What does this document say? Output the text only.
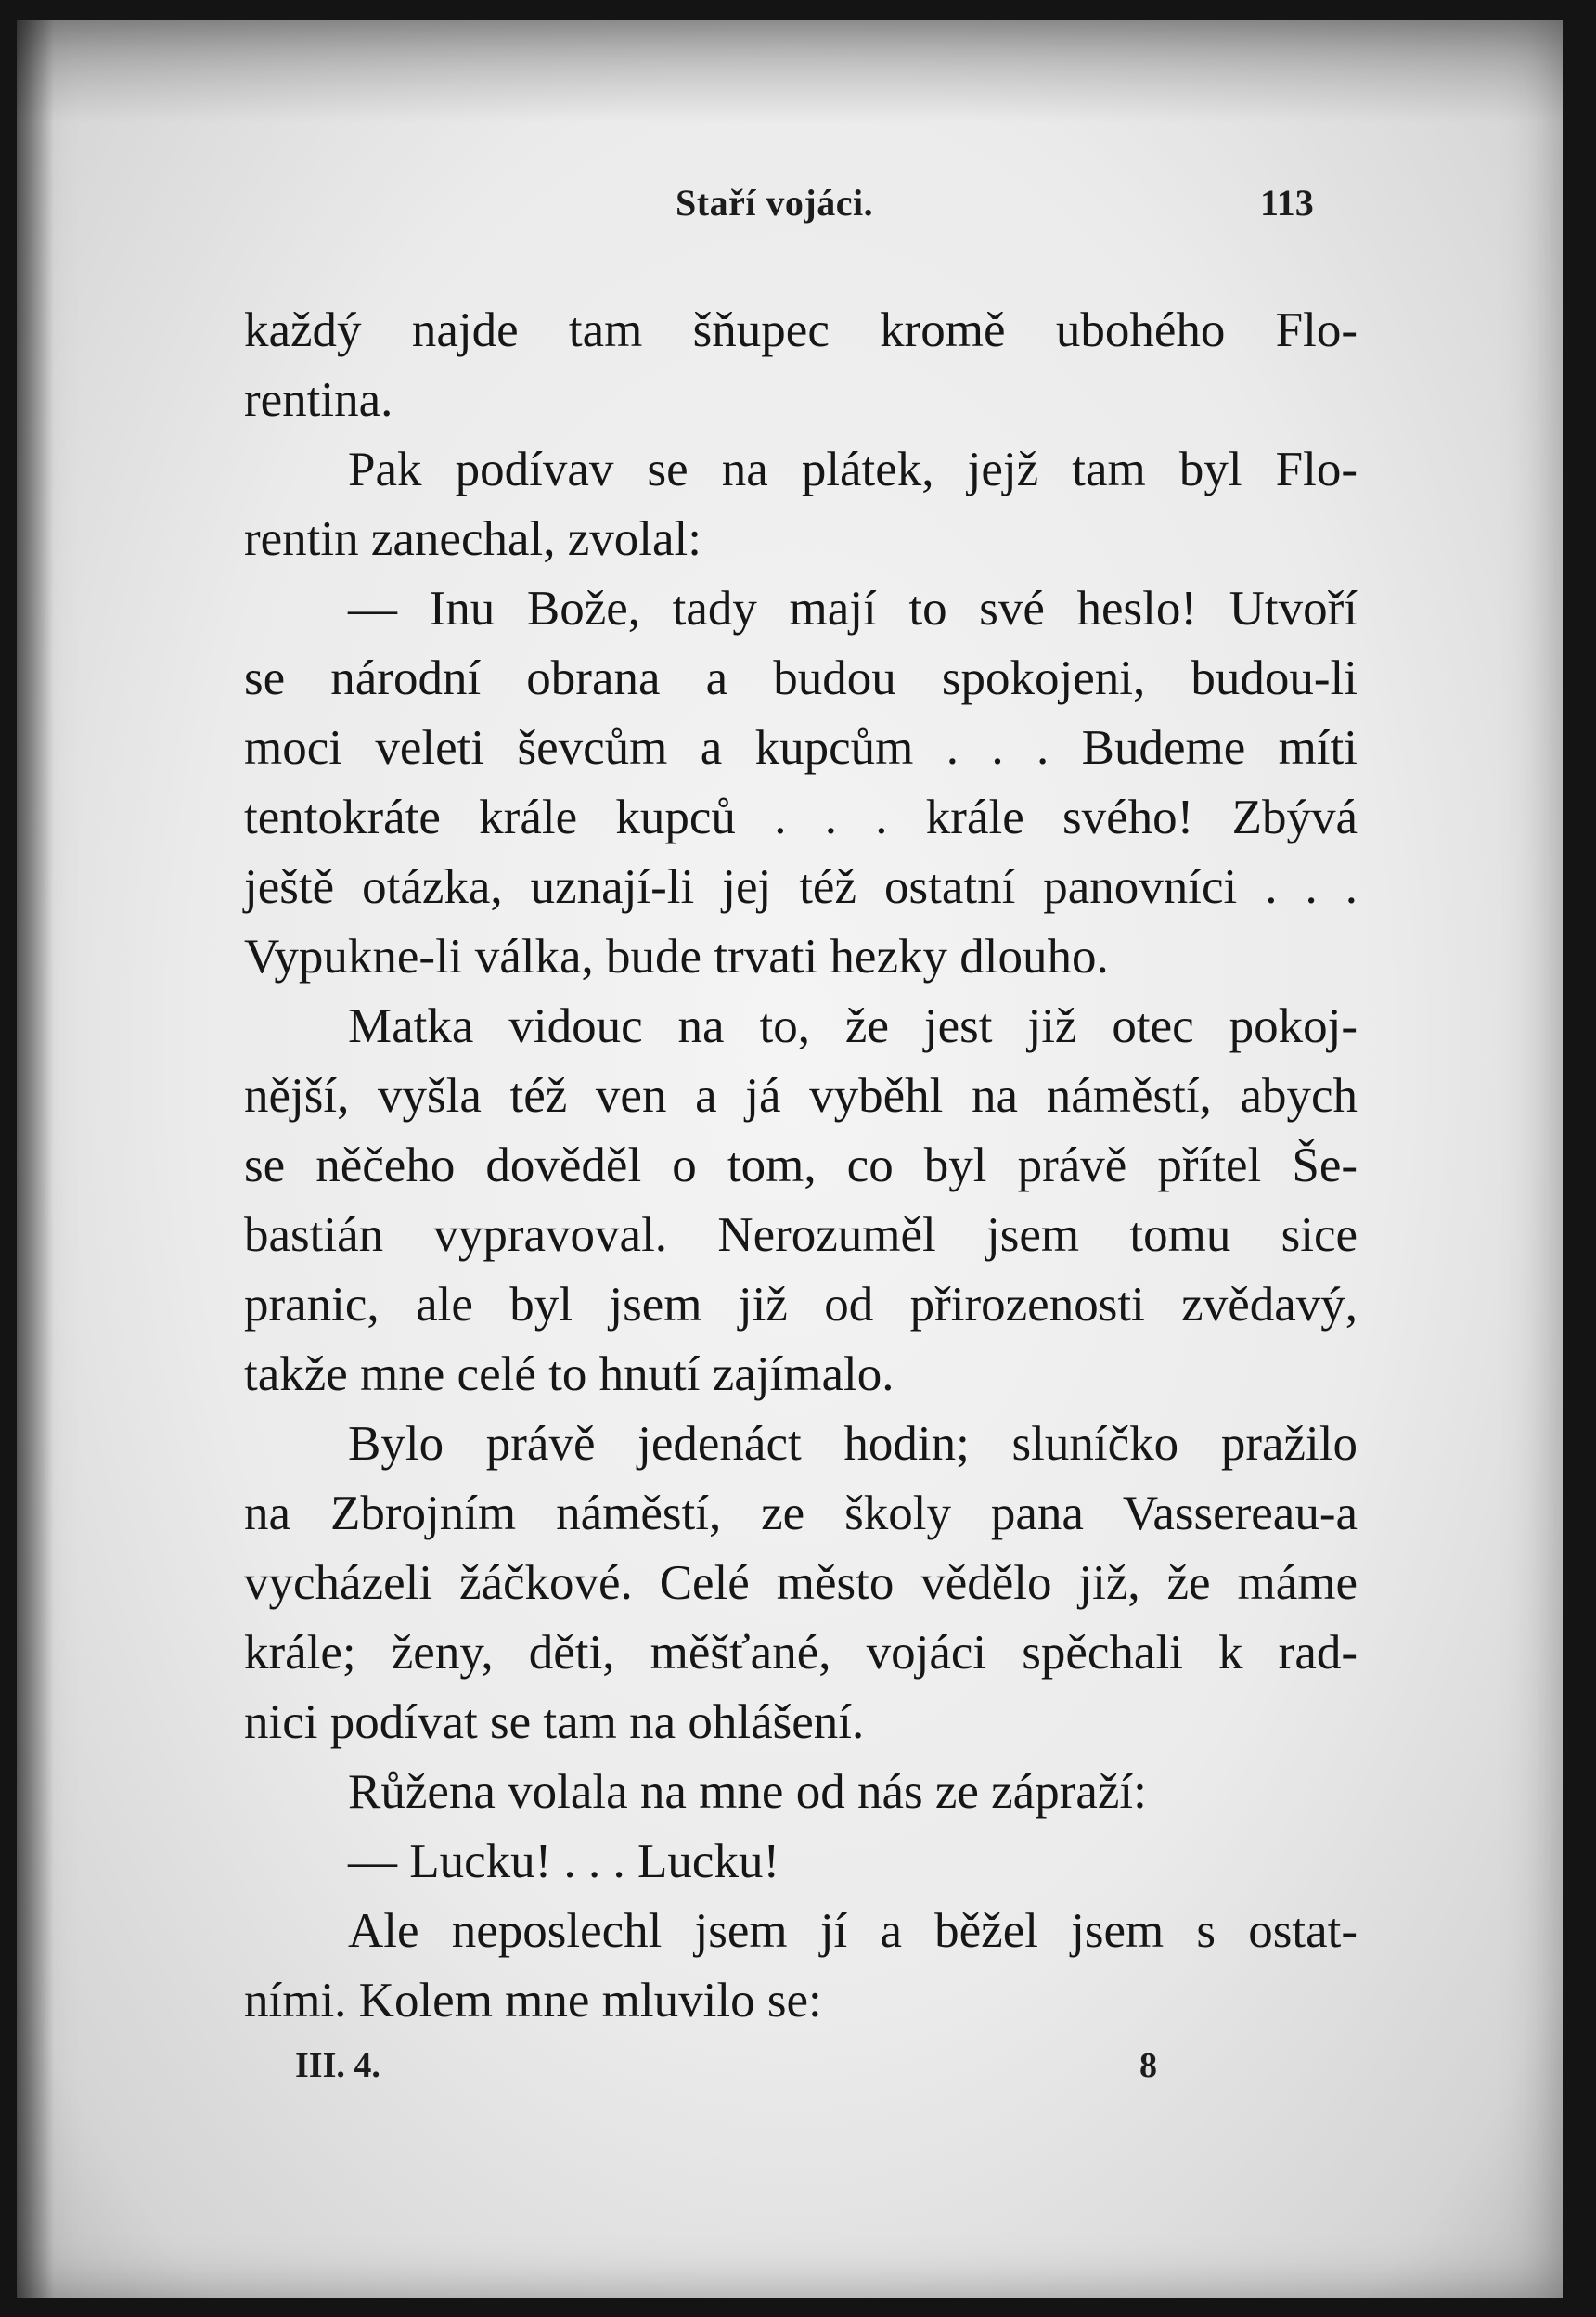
Staří vojáci.	113
každý najde tam šňupec kromě ubohého Flo-
rentina.
Pak podívav se na plátek, jejž tam byl Flo-
rentin zanechal, zvolal:
— Inu Bože, tady mají to své heslo! Utvoří
se národní obrana a budou spokojeni, budou-li
moci veleti ševcům a kupcům . . . Budeme míti
tentokráte krále kupců . . . krále svého! Zbývá
ještě otázka, uznají-li jej též ostatní panovníci . . .
Vypukne-li válka, bude trvati hezky dlouho.
Matka vidouc na to, že jest již otec pokoj-
nější, vyšla též ven a já vyběhl na náměstí, abych
se něčeho dověděl o tom, co byl právě přítel Še-
bastián vypravoval. Nerozuměl jsem tomu sice
pranic, ale byl jsem již od přirozenosti zvědavý,
takže mne celé to hnutí zajímalo.
Bylo právě jedenáct hodin; sluníčko pražilo
na Zbrojním náměstí, ze školy pana Vassereau-a
vycházeli žáčkové. Celé město vědělo již, že máme
krále; ženy, děti, měšťané, vojáci spěchali k rad-
nici podívat se tam na ohlášení.
Růžena volala na mne od nás ze zápraží:
— Lucku! . . . Lucku!
Ale neposlechl jsem jí a běžel jsem s ostat-
ními. Kolem mne mluvilo se:
III. 4.	8
